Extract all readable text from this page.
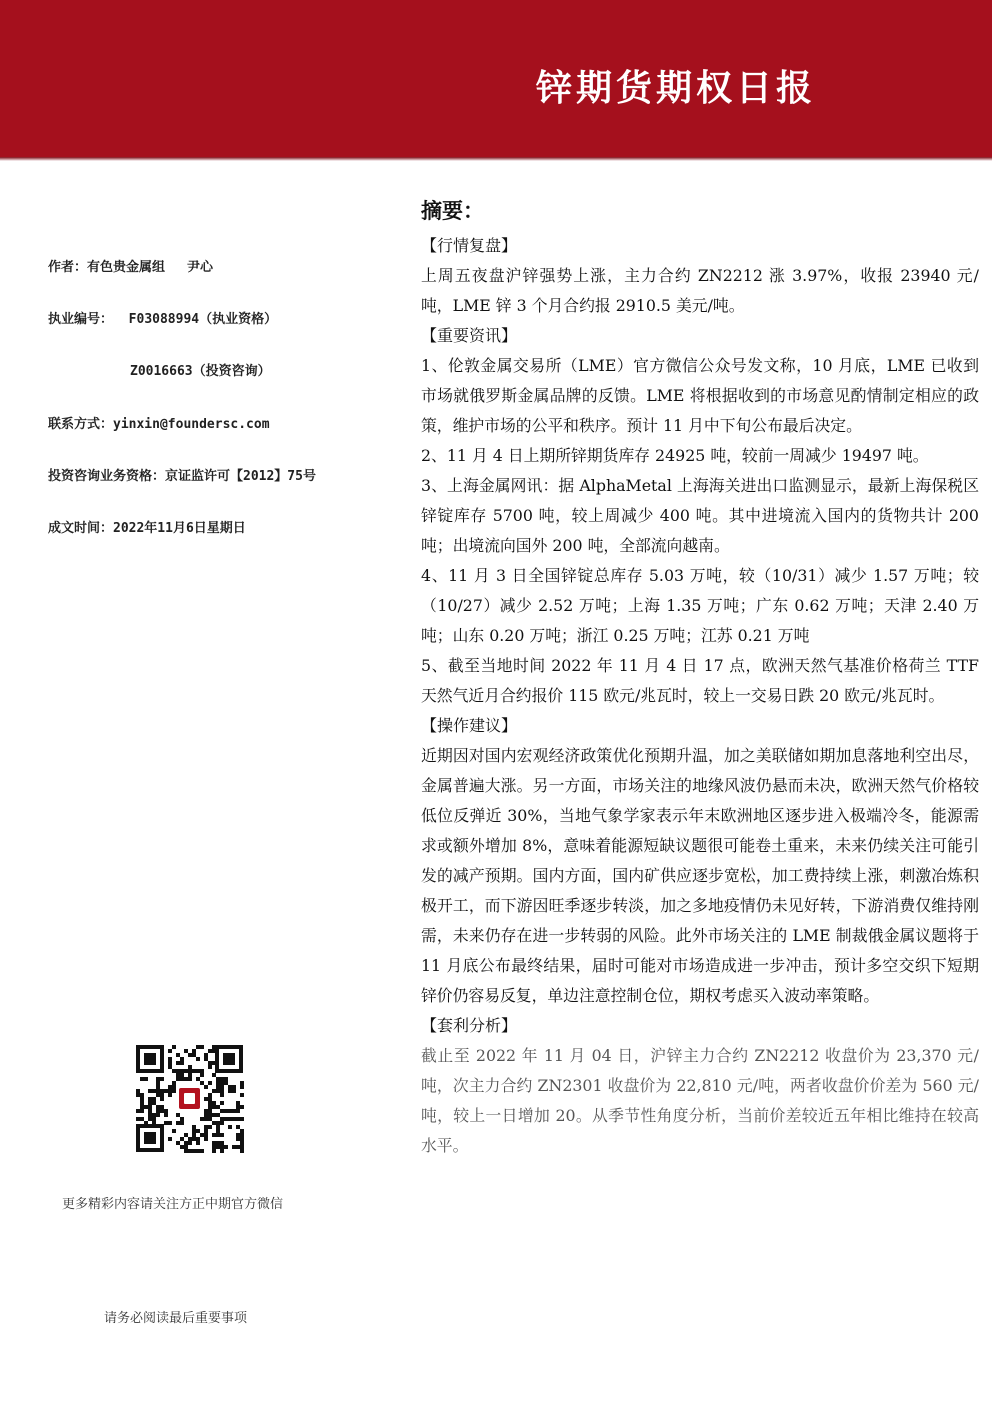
锌期货期权日报
作者：有色贵金属组 尹心
执业编号： F03088994（执业资格）
Z0016663（投资咨询）
联系方式：yinxin@foundersc.com
投资咨询业务资格：京证监许可【2012】75号
成文时间：2022年11月6日星期日
更多精彩内容请关注方正中期官方微信
请务必阅读最后重要事项
摘要：
【行情复盘】

上周五夜盘沪锌强势上涨，主力合约 ZN2212 涨 3.97%，收报 23940 元/吨，LME 锌 3 个月合约报 2910.5 美元/吨。

【重要资讯】

1、伦敦金属交易所（LME）官方微信公众号发文称，10 月底，LME 已收到市场就俄罗斯金属品牌的反馈。LME 将根据收到的市场意见酌情制定相应的政策，维护市场的公平和秩序。预计 11 月中下旬公布最后决定。

2、11 月 4 日上期所锌期货库存 24925 吨，较前一周减少 19497 吨。

3、上海金属网讯：据 AlphaMetal 上海海关进出口监测显示，最新上海保税区锌锭库存 5700 吨，较上周减少 400 吨。其中进境流入国内的货物共计 200 吨；出境流向国外 200 吨，全部流向越南。

4、11 月 3 日全国锌锭总库存 5.03 万吨，较（10/31）减少 1.57 万吨；较（10/27）减少 2.52 万吨；上海 1.35 万吨；广东 0.62 万吨；天津 2.40 万吨；山东 0.20 万吨；浙江 0.25 万吨；江苏 0.21 万吨

5、截至当地时间 2022 年 11 月 4 日 17 点，欧洲天然气基准价格荷兰 TTF 天然气近月合约报价 115 欧元/兆瓦时，较上一交易日跌 20 欧元/兆瓦时。

【操作建议】

近期因对国内宏观经济政策优化预期升温，加之美联储如期加息落地利空出尽，金属普遍大涨。另一方面，市场关注的地缘风波仍悬而未决，欧洲天然气价格较低位反弹近 30%，当地气象学家表示年末欧洲地区逐步进入极端冷冬，能源需求或额外增加 8%，意味着能源短缺议题很可能卷土重来，未来仍续关注可能引发的减产预期。国内方面，国内矿供应逐步宽松，加工费持续上涨，刺激冶炼积极开工，而下游因旺季逐步转淡，加之多地疫情仍未见好转，下游消费仅维持刚需，未来仍存在进一步转弱的风险。此外市场关注的 LME 制裁俄金属议题将于 11 月底公布最终结果，届时可能对市场造成进一步冲击，预计多空交织下短期锌价仍容易反复，单边注意控制仓位，期权考虑买入波动率策略。

【套利分析】

截止至 2022 年 11 月 04 日，沪锌主力合约 ZN2212 收盘价为 23,370 元/吨，次主力合约 ZN2301 收盘价为 22,810 元/吨，两者收盘价价差为 560 元/吨，较上一日增加 20。从季节性角度分析，当前价差较近五年相比维持在较高水平。
